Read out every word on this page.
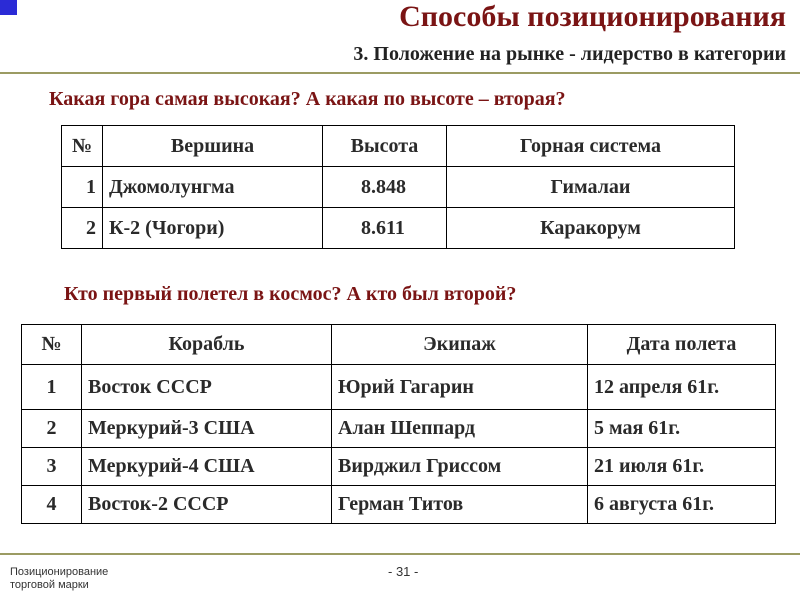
Способы позиционирования
3. Положение на рынке - лидерство в категории
Какая гора самая высокая? А какая по высоте – вторая?
№	Вершина	Высота	Горная система
1	Джомолунгма	8.848	Гималаи
2	К-2 (Чогори)	8.611	Каракорум
Кто первый полетел в космос? А кто был второй?
№	Корабль	Экипаж	Дата полета
1	Восток СССР	Юрий Гагарин	12 апреля 61г.
2	Меркурий-3 США	Алан Шеппард	5 мая 61г.
3	Меркурий-4 США	Вирджил Гриссом	21 июля 61г.
4	Восток-2 СССР	Герман Титов	6 августа 61г.
Позиционирование
торговой марки
- 31 -
